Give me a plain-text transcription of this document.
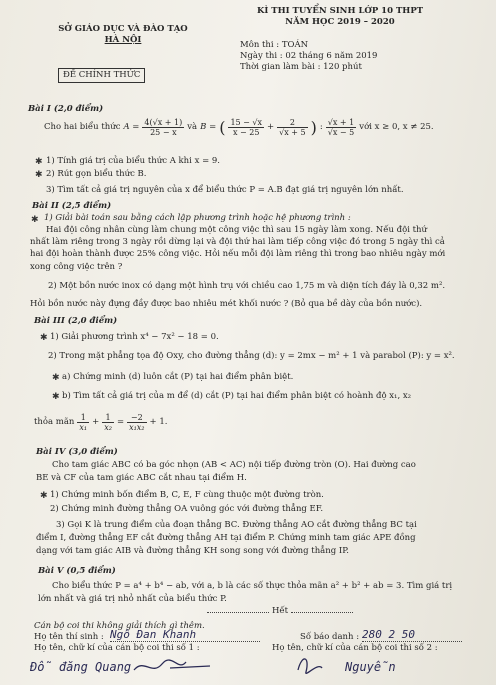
SỞ GIÁO DỤC VÀ ĐÀO TẠO
HÀ NỘI
ĐỀ CHÍNH THỨC
KÌ THI TUYỂN SINH LỚP 10 THPT
NĂM HỌC 2019 – 2020
Môn thi : TOÁN
Ngày thi : 02 tháng 6 năm 2019
Thời gian làm bài : 120 phút
Bài I (2,0 điểm)
Cho hai biểu thức $A = \frac{4(√x + 1)}{25 - x}$ và B = ( $\frac{15 - √x}{x - 25} + \frac{2}{√x + 5}$ ) : $\frac{√x + 1}{√x - 5}$ với x ≥ 0, x ≠ 25.
✱ 1) Tính giá trị của biểu thức A khi x = 9.
✱ 2) Rút gọn biểu thức B.
3) Tìm tất cả giá trị nguyên của x để biểu thức P = A.B đạt giá trị nguyên lớn nhất.
Bài II (2,5 điểm)
✱ 1) Giải bài toán sau bằng cách lập phương trình hoặc hệ phương trình :
Hai đội công nhân cùng làm chung một công việc thì sau 15 ngày làm xong. Nếu đội thứ
nhất làm riêng trong 3 ngày rồi dừng lại và đội thứ hai làm tiếp công việc đó trong 5 ngày thì cả
hai đội hoàn thành được 25% công việc. Hỏi nếu mỗi đội làm riêng thì trong bao nhiêu ngày mới
xong công việc trên ?
2) Một bồn nước inox có dạng một hình trụ với chiều cao 1,75 m và diện tích đáy là 0,32 m².
Hỏi bồn nước này đựng đầy được bao nhiêu mét khối nước ? (Bỏ qua bề dày của bồn nước).
Bài III (2,0 điểm)
✱ 1) Giải phương trình x⁴ − 7x² − 18 = 0.
2) Trong mặt phẳng tọa độ Oxy, cho đường thẳng (d): y = 2mx − m² + 1 và parabol (P): y = x².
✱ a) Chứng minh (d) luôn cắt (P) tại hai điểm phân biệt.
✱ b) Tìm tất cả giá trị của m để (d) cắt (P) tại hai điểm phân biệt có hoành độ x₁, x₂
thỏa mãn $\frac{1}{\text{x₁}} + \frac{1}{\text{x₂}} = \frac{-2}{\text{x₁x₂}} + 1$.
Bài IV (3,0 điểm)
Cho tam giác ABC có ba góc nhọn (AB < AC) nội tiếp đường tròn (O). Hai đường cao
BE và CF của tam giác ABC cắt nhau tại điểm H.
✱ 1) Chứng minh bốn điểm B, C, E, F cùng thuộc một đường tròn.
2) Chứng minh đường thẳng OA vuông góc với đường thẳng EF.
3) Gọi K là trung điểm của đoạn thẳng BC. Đường thẳng AO cắt đường thẳng BC tại
điểm I, đường thẳng EF cắt đường thẳng AH tại điểm P. Chứng minh tam giác APE đồng
dạng với tam giác AIB và đường thẳng KH song song với đường thẳng IP.
Bài V (0,5 điểm)
Cho biểu thức P = a⁴ + b⁴ − ab, với a, b là các số thực thỏa mãn a² + b² + ab = 3. Tìm giá trị
lớn nhất và giá trị nhỏ nhất của biểu thức P.
Hết
Cán bộ coi thi không giải thích gì thêm.
Họ tên thí sinh : Ngô Đan Khanh	Số báo danh : 280 2 50
Họ tên, chữ kí của cán bộ coi thi số 1 :	Họ tên, chữ kí của cán bộ coi thi số 2 :
Đỗ đăng Quang	Nguyễn
